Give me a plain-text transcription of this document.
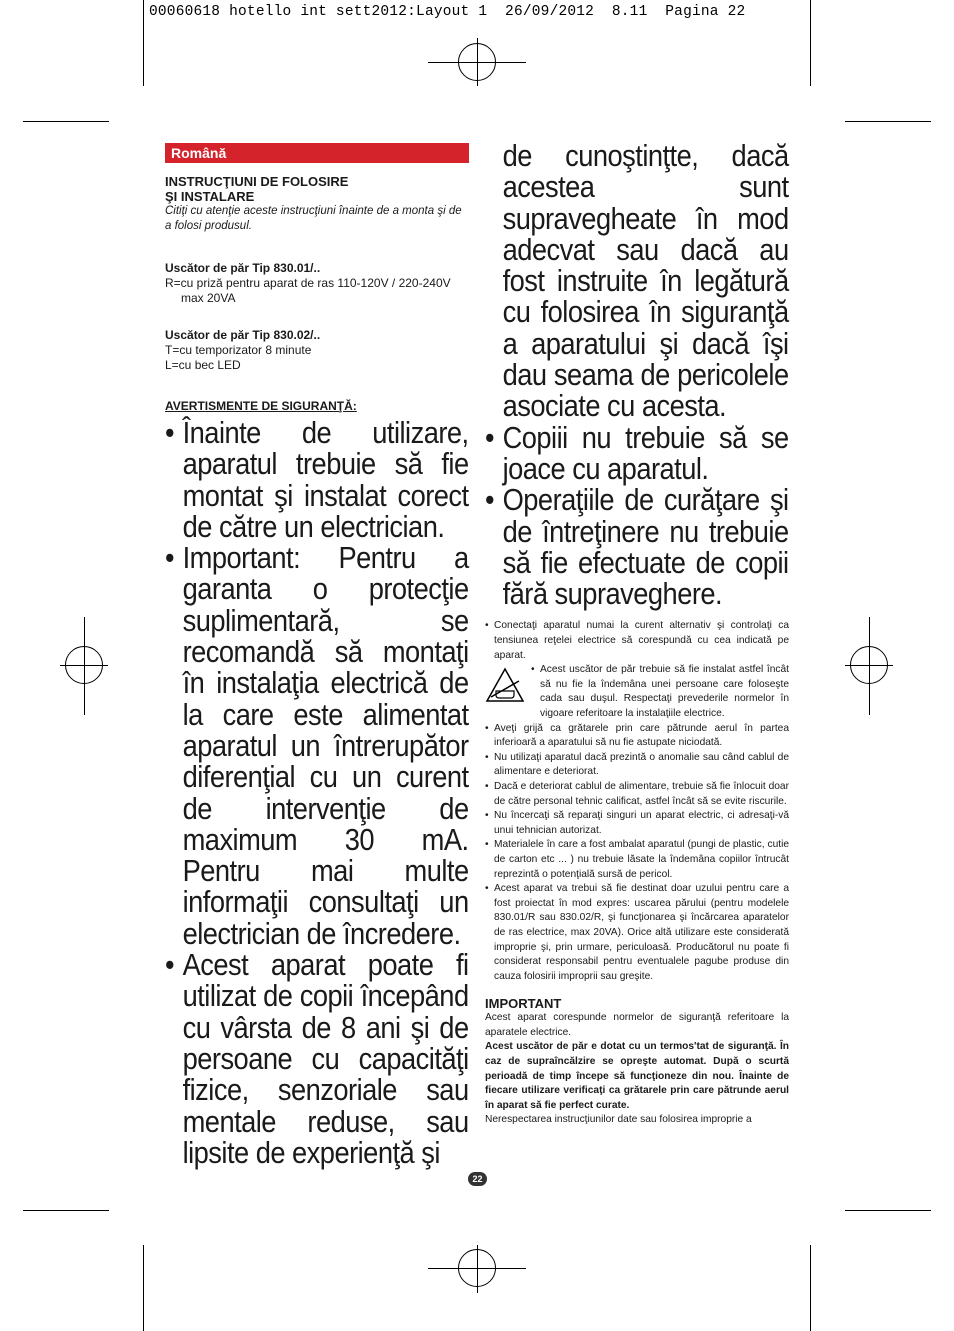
00060618 hotello int sett2012:Layout 1  26/09/2012  8.11  Pagina 22
Română
INSTRUCŢIUNI DE FOLOSIRE
ŞI INSTALARE
Citiţi cu atenţie aceste instrucţiuni înainte de a monta şi de a folosi produsul.
Uscător de păr Tip 830.01/..
R=cu priză pentru aparat de ras 110-120V / 220-240V
max 20VA
Uscător de păr Tip 830.02/..
T=cu temporizator 8 minute
L=cu bec LED
AVERTISMENTE DE SIGURANŢĂ:
• Înainte de utilizare, aparatul trebuie să fie montat şi instalat corect de către un electrician.
• Important: Pentru a garanta o protecţie suplimentară, se recomandă să montaţi în instalaţia electrică de la care este alimentat aparatul un întrerupător diferenţial cu un curent de intervenţie de maximum 30 mA. Pentru mai multe informaţii consultaţi un electrician de încredere.
• Acest aparat poate fi utilizat de copii începând cu vârsta de 8 ani şi de persoane cu capacităţi fizice, senzoriale sau mentale reduse, sau lipsite de experienţă şi
de cunoştinţte, dacă acestea sunt supravegheate în mod adecvat sau dacă au fost instruite în legătură cu folosirea în siguranţă a aparatului şi dacă îşi dau seama de pericolele asociate cu acesta.
• Copiii nu trebuie să se joace cu aparatul.
• Operaţiile de curăţare şi de întreţinere nu trebuie să fie efectuate de copii fără supraveghere.
• Conectaţi aparatul numai la curent alternativ şi controlaţi ca tensiunea reţelei electrice să corespundă cu cea indicată pe aparat.
• Acest uscător de păr trebuie să fie instalat astfel încât să nu fie la îndemâna unei persoane care foloseşte cada sau duşul. Respectaţi prevederile normelor în vigoare referitoare la instalaţiile electrice.
• Aveţi grijă ca grătarele prin care pătrunde aerul în partea inferioară a aparatului să nu fie astupate niciodată.
• Nu utilizaţi aparatul dacă prezintă o anomalie sau când cablul de alimentare e deteriorat.
• Dacă e deteriorat cablul de alimentare, trebuie să fie înlocuit doar de către personal tehnic calificat, astfel încât să se evite riscurile.
• Nu încercaţi să reparaţi singuri un aparat electric, ci adresaţi-vă unui tehnician autorizat.
• Materialele în care a fost ambalat aparatul (pungi de plastic, cutie de carton etc ... ) nu trebuie lăsate la îndemâna copiilor întrucât reprezintă o potenţială sursă de pericol.
• Acest aparat va trebui să fie destinat doar uzului pentru care a fost proiectat în mod expres: uscarea părului (pentru modelele 830.01/R sau 830.02/R, şi funcţionarea şi încărcarea aparatelor de ras electrice, max 20VA). Orice altă utilizare este considerată improprie şi, prin urmare, periculoasă. Producătorul nu poate fi considerat responsabil pentru eventualele pagube produse din cauza folosirii improprii sau greşite.
IMPORTANT
Acest aparat corespunde normelor de siguranţă referitoare la aparatele electrice.
Acest uscător de păr e dotat cu un termos'tat de siguranţă. În caz de supraîncălzire se opreşte automat. După o scurtă perioadă de timp începe să funcţioneze din nou. Înainte de fiecare utilizare verificaţi ca grătarele prin care pătrunde aerul în aparat să fie perfect curate.
Nerespectarea instrucţiunilor date sau folosirea improprie a
22
